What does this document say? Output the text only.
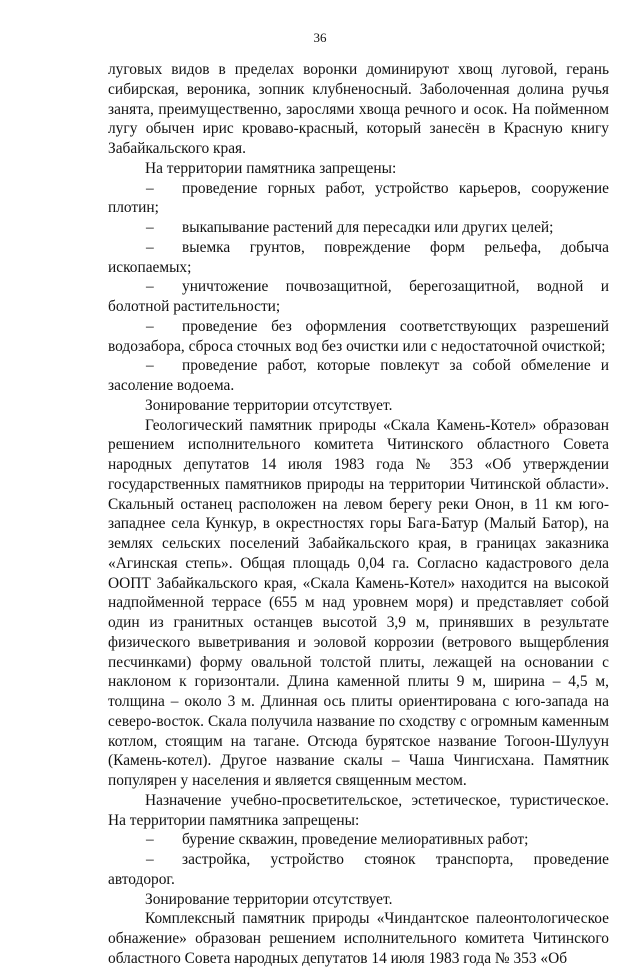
36

луговых видов в пределах воронки доминируют хвощ луговой, герань сибирская, вероника, зопник клубненосный. Заболоченная долина ручья занята, преимущественно, зарослями хвоща речного и осок. На пойменном лугу обычен ирис кроваво-красный, который занесён в Красную книгу Забайкальского края.

На территории памятника запрещены:

– проведение горных работ, устройство карьеров, сооружение плотин;

– выкапывание растений для пересадки или других целей;

– выемка грунтов, повреждение форм рельефа, добыча ископаемых;

– уничтожение почвозащитной, берегозащитной, водной и болотной растительности;

– проведение без оформления соответствующих разрешений водозабора, сброса сточных вод без очистки или с недостаточной очисткой;

– проведение работ, которые повлекут за собой обмеление и засоление водоема.

Зонирование территории отсутствует.

Геологический памятник природы «Скала Камень-Котел» образован решением исполнительного комитета Читинского областного Совета народных депутатов 14 июля 1983 года № 353 «Об утверждении государственных памятников природы на территории Читинской области». Скальный останец расположен на левом берегу реки Онон, в 11 км юго-западнее села Кункур, в окрестностях горы Бага-Батур (Малый Батор), на землях сельских поселений Забайкальского края, в границах заказника «Агинская степь». Общая площадь 0,04 га. Согласно кадастрового дела ООПТ Забайкальского края, «Скала Камень-Котел» находится на высокой надпойменной террасе (655 м над уровнем моря) и представляет собой один из гранитных останцев высотой 3,9 м, принявших в результате физического выветривания и эоловой коррозии (ветрового выщербления песчинками) форму овальной толстой плиты, лежащей на основании с наклоном к горизонтали. Длина каменной плиты 9 м, ширина – 4,5 м, толщина – около 3 м. Длинная ось плиты ориентирована с юго-запада на северо-восток. Скала получила название по сходству с огромным каменным котлом, стоящим на тагане. Отсюда бурятское название Тогоон-Шулуун (Камень-котел). Другое название скалы – Чаша Чингисхана. Памятник популярен у населения и является священным местом.

Назначение учебно-просветительское, эстетическое, туристическое. На территории памятника запрещены:

– бурение скважин, проведение мелиоративных работ;

– застройка, устройство стоянок транспорта, проведение автодорог.

Зонирование территории отсутствует.

Комплексный памятник природы «Чиндантское палеонтологическое обнажение» образован решением исполнительного комитета Читинского областного Совета народных депутатов 14 июля 1983 года № 353 «Об
